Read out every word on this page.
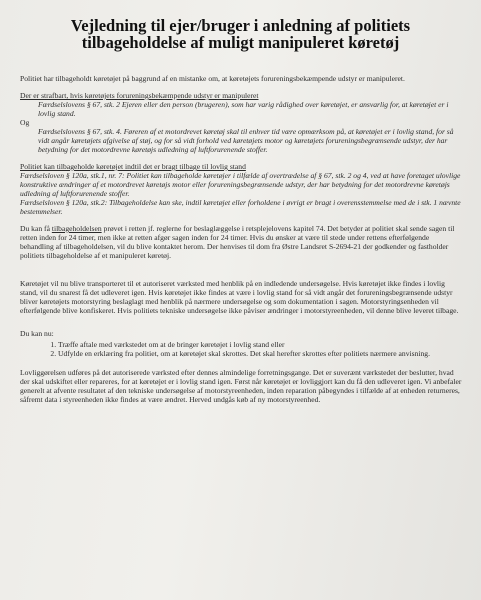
Vejledning til ejer/bruger i anledning af politiets tilbageholdelse af muligt manipuleret køretøj

Politiet har tilbageholdt køretøjet på baggrund af en mistanke om, at køretøjets forureningsbekæmpende udstyr er manipuleret.

Der er strafbart, hvis køretøjets forureningsbekæmpende udstyr er manipuleret

Færdselslovens § 67, stk. 2 Ejeren eller den person (brugeren), som har varig rådighed over køretøjet, er ansvarlig for, at køretøjet er i lovlig stand.

Og

Færdselslovens § 67, stk. 4. Føreren af et motordrevet køretøj skal til enhver tid være opmærksom på, at køretøjet er i lovlig stand, for så vidt angår køretøjets afgivelse af støj, og for så vidt forhold ved køretøjets motor og køretøjets forureningsbegrænsende udstyr, der har betydning for det motordrevne køretøjs udledning af luftforurenende stoffer.

Politiet kan tilbageholde køretøjet indtil det er bragt tilbage til lovlig stand

Færdselsloven § 120a, stk.1, nr. 7: Politiet kan tilbageholde køretøjer i tilfælde af overtrædelse af § 67, stk. 2 og 4, ved at have foretaget ulovlige konstruktive ændringer af et motordrevet køretøjs motor eller forureningsbegrænsende udstyr, der har betydning for det motordrevne køretøjs udledning af luftforurenende stoffer.

Færdselsloven § 120a, stk.2: Tilbageholdelse kan ske, indtil køretøjet eller forholdene i øvrigt er bragt i overensstemmelse med de i stk. 1 nævnte bestemmelser.

Du kan få tilbageholdelsen prøvet i retten jf. reglerne for beslaglæggelse i retsplejelovens kapitel 74. Det betyder at politiet skal sende sagen til retten inden for 24 timer, men ikke at retten afgør sagen inden for 24 timer. Hvis du ønsker at være til stede under rettens efterfølgende behandling af tilbageholdelsen, vil du blive kontaktet herom. Der henvises til dom fra Østre Landsret S-2694-21 der godkender og fastholder politiets tilbageholdelse af et manipuleret køretøj.

Køretøjet vil nu blive transporteret til et autoriseret værksted med henblik på en indledende undersøgelse. Hvis køretøjet ikke findes i lovlig stand, vil du snarest få det udleveret igen. Hvis køretøjet ikke findes at være i lovlig stand for så vidt angår det forureningsbegrænsende udstyr bliver køretøjets motorstyring beslaglagt med henblik på nærmere undersøgelse og som dokumentation i sagen. Motorstyringsenheden vil efterfølgende blive konfiskeret. Hvis politiets tekniske undersøgelse ikke påviser ændringer i motorstyreenheden, vil denne blive leveret tilbage.

Du kan nu:

1. Træffe aftale med værkstedet om at de bringer køretøjet i lovlig stand eller
2. Udfylde en erklæring fra politiet, om at køretøjet skal skrottes. Det skal herefter skrottes efter politiets nærmere anvisning.

Lovliggørelsen udføres på det autoriserede værksted efter dennes almindelige forretningsgange. Det er suverænt værkstedet der beslutter, hvad der skal udskiftet eller repareres, for at køretøjet er i lovlig stand igen. Først når køretøjet er lovliggjort kan du få den udleveret igen. Vi anbefaler generelt at afvente resultatet af den tekniske undersøgelse af motorstyreenheden, inden reparation påbegyndes i tilfælde af at enheden returneres, såfremt data i styreenheden ikke findes at være ændret. Herved undgås køb af ny motorstyreenhed.
